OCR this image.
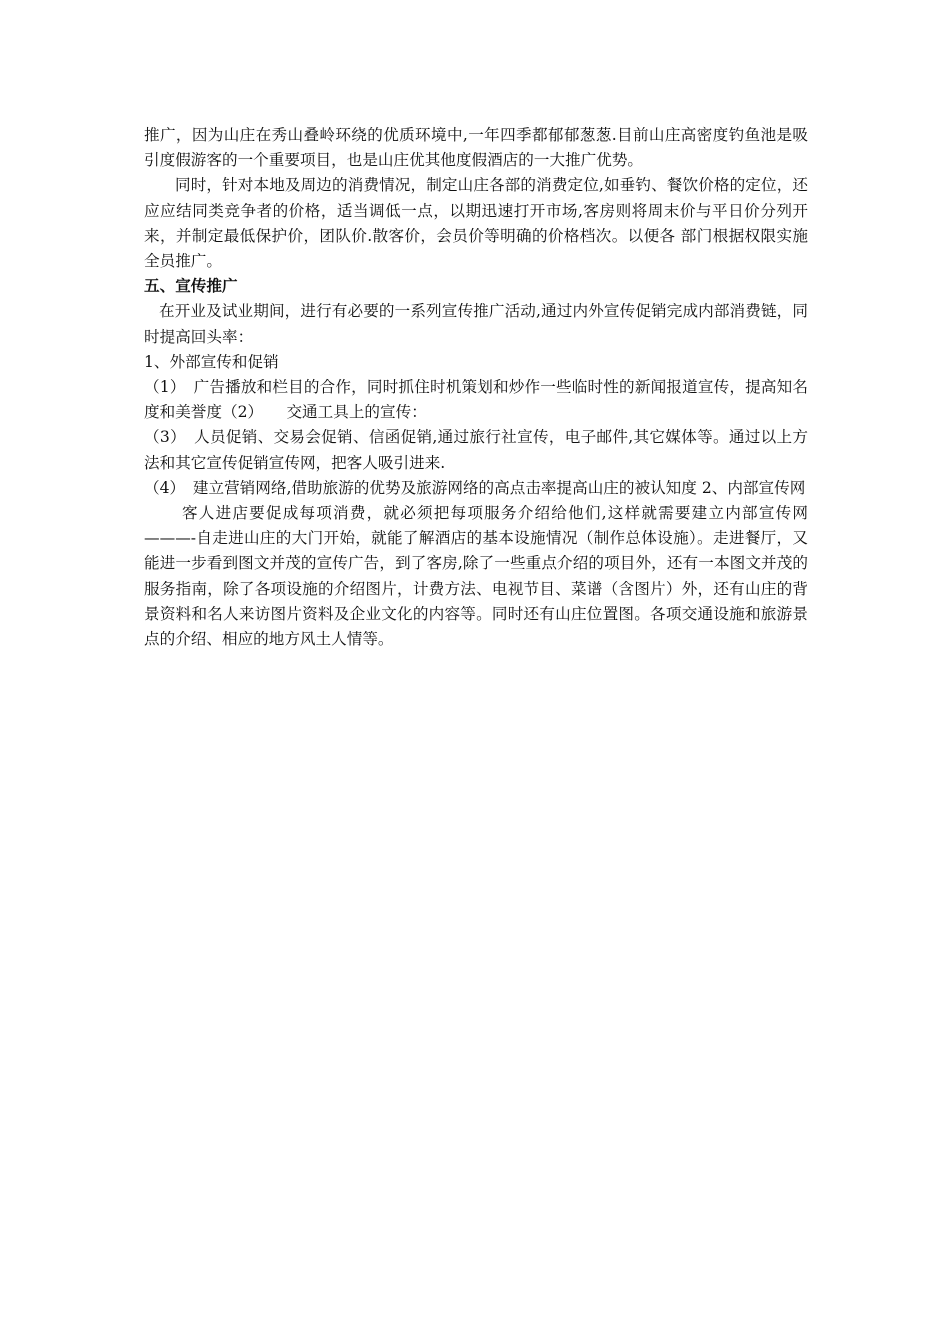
推广，因为山庄在秀山叠岭环绕的优质环境中,一年四季都郁郁葱葱.目前山庄高密度钓鱼池是吸引度假游客的一个重要项目，也是山庄优其他度假酒店的一大推广优势。

同时，针对本地及周边的消费情况，制定山庄各部的消费定位,如垂钓、餐饮价格的定位，还应应结同类竞争者的价格，适当调低一点，以期迅速打开市场,客房则将周末价与平日价分列开来，并制定最低保护价，团队价.散客价，会员价等明确的价格档次。以便各 部门根据权限实施全员推广。

五、宣传推广

在开业及试业期间，进行有必要的一系列宣传推广活动,通过内外宣传促销完成内部消费链，同时提高回头率：

1、外部宣传和促销

（1）　广告播放和栏目的合作，同时抓住时机策划和炒作一些临时性的新闻报道宣传，提高知名度和美誉度（2）　　交通工具上的宣传：

（3）　人员促销、交易会促销、信函促销,通过旅行社宣传，电子邮件,其它媒体等。通过以上方法和其它宣传促销宣传网，把客人吸引进来.

（4）　建立营销网络,借助旅游的优势及旅游网络的高点击率提高山庄的被认知度 2、内部宣传网

客人进店要促成每项消费，就必须把每项服务介绍给他们,这样就需要建立内部宣传网———-自走进山庄的大门开始，就能了解酒店的基本设施情况（制作总体设施）。走进餐厅，又能进一步看到图文并茂的宣传广告，到了客房,除了一些重点介绍的项目外，还有一本图文并茂的服务指南，除了各项设施的介绍图片，计费方法、电视节目、菜谱（含图片）外，还有山庄的背景资料和名人来访图片资料及企业文化的内容等。同时还有山庄位置图。各项交通设施和旅游景点的介绍、相应的地方风土人情等。
